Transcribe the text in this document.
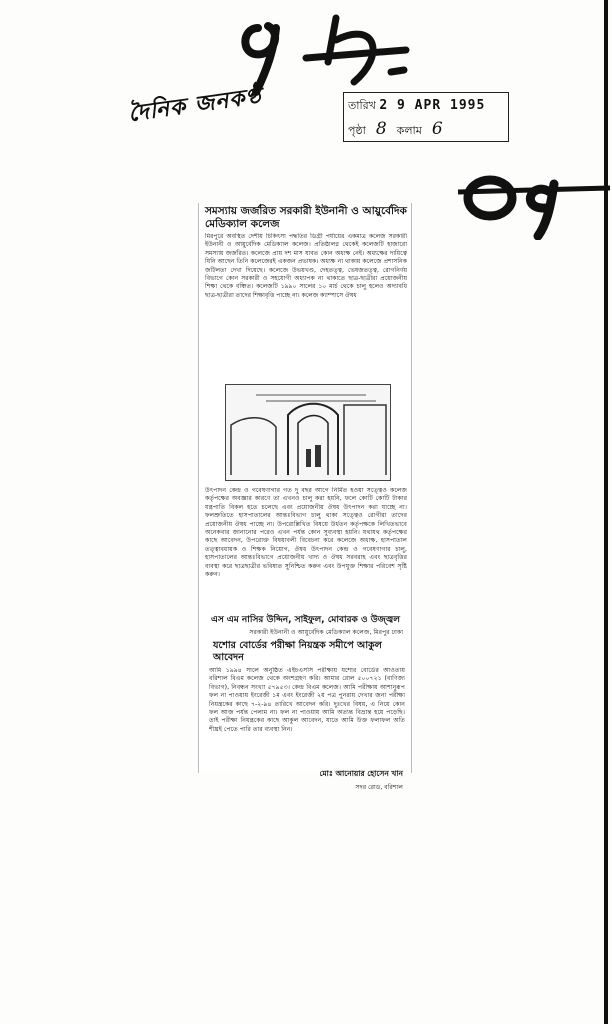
দৈনিক জনকণ্ঠ	তারিখ 2 9 APR 1995
পৃষ্ঠা 8 কলাম 6
সমস্যায় জর্জরিত সরকারী ইউনানী ও আয়ুর্বেদিক মেডিক্যাল কলেজ
মিরপুরে অবস্থিত দেশীয় চিকিৎসা পদ্ধতির ডিগ্রী পর্যায়ের একমাত্র কলেজ সরকারী ইউনানী ও আয়ুর্বেদিক মেডিক্যাল কলেজ। প্রতিষ্ঠালগ্ন থেকেই কলেজটি হাজারো সমস্যায় জর্জরিত। কলেজে প্রায় দশ মাস যাবত কোন অধ্যক্ষ নেই। অধ্যক্ষের দায়িত্বে যিনি আছেন তিনি কলেজেরই একজন প্রভাষক। অধ্যক্ষ না থাকায় কলেজে প্রশাসনিক জটিলতা দেখা দিয়েছে। কলেজে উভয়খণ্ড, দেহতত্ত্ব, ভেষজতত্ত্ব, রোগনির্ণয় বিভাগে কোন সরকারী ও সহযোগী অধ্যাপক না থাকাতে ছাত্র-ছাত্রীরা প্রয়োজনীয় শিক্ষা থেকে বঞ্চিত। কলেজটি ১৯৯০ সালের ১০ মার্চ থেকে চালু হলেও অদ্যাবধি ছাত্র-ছাত্রীরা তাদের শিক্ষাবৃত্তি পাচ্ছে না। কলেজ ক্যাম্পাসে ঔষধ
উৎপাদন কেন্দ্র ও গবেষণাগার গত দু বছর আগে নির্মিত হওয়া সত্ত্বেও কলেজ কর্তৃপক্ষের অবজ্ঞার কারণে তা এখনও চালু করা হয়নি, ফলে কোটি কোটি টাকার যন্ত্রপাতি বিকল হতে চলেছে এবং প্রয়োজনীয় ঔষধ উৎপাদন করা যাচ্ছে না। ফলশ্রুতিতে হাসপাতালের আন্তঃবিভাগ চালু থাকা সত্ত্বেও রোগীরা তাদের প্রয়োজনীয় ঔষধ পাচ্ছে না। উপরোল্লিখিত বিষয়ে উর্ধতন কর্তৃপক্ষকে লিখিতভাবে অনেকবার জানানোর পরেও এখন পর্যন্ত কোন সুব্যবস্থা হয়নি। যথাযথ কর্তৃপক্ষের কাছে আবেদন, উপরোক্ত বিষয়াবলী বিবেচনা করে কলেজে অধ্যক্ষ, হাসপাতাল তত্ত্বাবধায়ক ও শিক্ষক নিয়োগ, ঔষধ উৎপাদন কেন্দ্র ও গবেষণাগার চালু, হাসপাতালের আন্তঃবিভাগে প্রয়োজনীয় খাদ্য ও ঔষধ সরবরাহ এবং ছাত্রবৃত্তির ব্যবস্থা করে ছাত্রছাত্রীর ভবিষ্যত সুনিশ্চিত করুন এবং উপযুক্ত শিক্ষার পরিবেশ সৃষ্টি করুন।
এস এম নাসির উদ্দিন, সাইফুল, মোবারক ও উজ্জ্বল
সরকারী ইউনানী ও আয়ুর্বেদিক মেডিক্যাল কলেজ, মিরপুর ঢাকা
যশোর বোর্ডের পরীক্ষা নিয়ন্ত্রক সমীপে আকুল আবেদন
আমি ১৯৯৪ সালে অনুষ্ঠিত এইচএসসি পরীক্ষায় যশোর বোর্ডের আওতায় বরিশাল বিএম কলেজ থেকে অংশগ্রহণ করি। আমার রোল ৫০০৭২১ (বাণিজ্য বিভাগ), নিবন্ধন সংখ্যা ৫৭৯৫৩। কেন্দ্র বিএম কলেজ। আমি পরীক্ষায় আশানুরূপ ফল না পাওয়ায় ইংরেজী ১ম এবং ইংরেজী ২য় পত্র পুনরায় দেখার জন্য পরীক্ষা নিয়ন্ত্রকের কাছে ৭-২-৯৪ তারিখে আবেদন করি। দুঃখের বিষয়, এ নিয়ে কোন ফল আজ পর্যন্ত পেলাম না। ফল না পাওয়ায় আমি অত্যন্ত বিভ্রান্ত হয়ে পড়েছি। তাই পরীক্ষা নিয়ন্ত্রকের কাছে আকুল আবেদন, যাতে আমি উক্ত ফলাফল অতি শীঘ্রই পেতে পারি তার ব্যবস্থা নিন।
মোঃ আনোয়ার হোসেন খান
সদর রোড, বরিশাল
